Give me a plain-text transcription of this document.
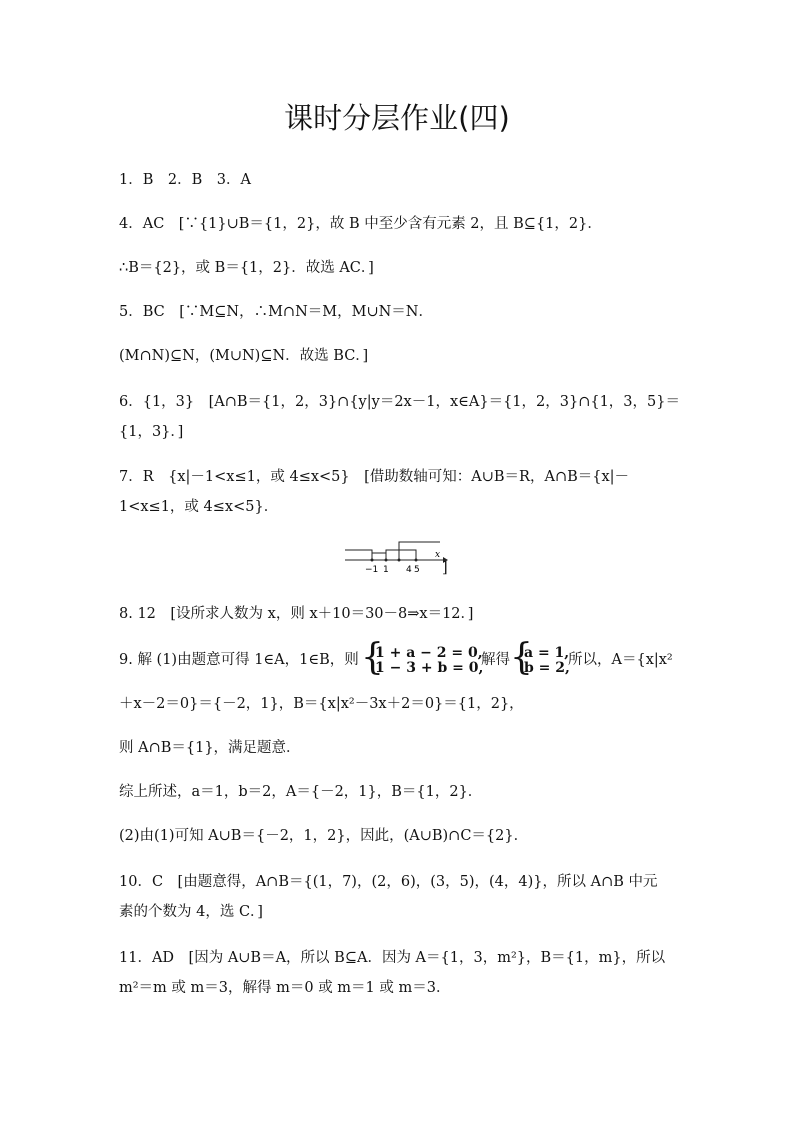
课时分层作业(四)
1．B　2．B　3．A
4．AC　[∵{1}∪B＝{1，2}，故 B 中至少含有元素 2，且 B⊆{1，2}．
∴B＝{2}，或 B＝{1，2}．故选 AC．]
5．BC　[∵M⊆N，∴M∩N＝M，M∪N＝N．
(M∩N)⊆N，(M∪N)⊆N．故选 BC．]
6．{1，3}　[A∩B＝{1，2，3}∩{y|y＝2x－1，x∈A}＝{1，2，3}∩{1，3，5}＝
{1，3}．]
7．R　{x|－1<x≤1，或 4≤x<5}　[借助数轴可知：A∪B＝R，A∩B＝{x|－
1<x≤1，或 4≤x<5}．
−1 1 4 5
x
]
8. 12　[设所求人数为 x，则 x＋10＝30－8⇒x＝12．]
9. 解 (1)由题意可得 1∈A，1∈B，则 {
1 + a − 2 = 0,
1 − 3 + b = 0,
解得 {
a = 1,
b = 2,
所以，A＝{x|x²
＋x－2＝0}＝{－2，1}，B＝{x|x²－3x＋2＝0}＝{1，2}，
则 A∩B＝{1}，满足题意．
综上所述，a＝1，b＝2，A＝{－2，1}，B＝{1，2}．
(2)由(1)可知 A∪B＝{－2，1，2}，因此，(A∪B)∩C＝{2}．
10．C　[由题意得，A∩B＝{(1，7)，(2，6)，(3，5)，(4，4)}，所以 A∩B 中元
素的个数为 4，选 C．]
11．AD　[因为 A∪B＝A，所以 B⊆A．因为 A＝{1，3，m²}，B＝{1，m}，所以
m²＝m 或 m＝3，解得 m＝0 或 m＝1 或 m＝3．
